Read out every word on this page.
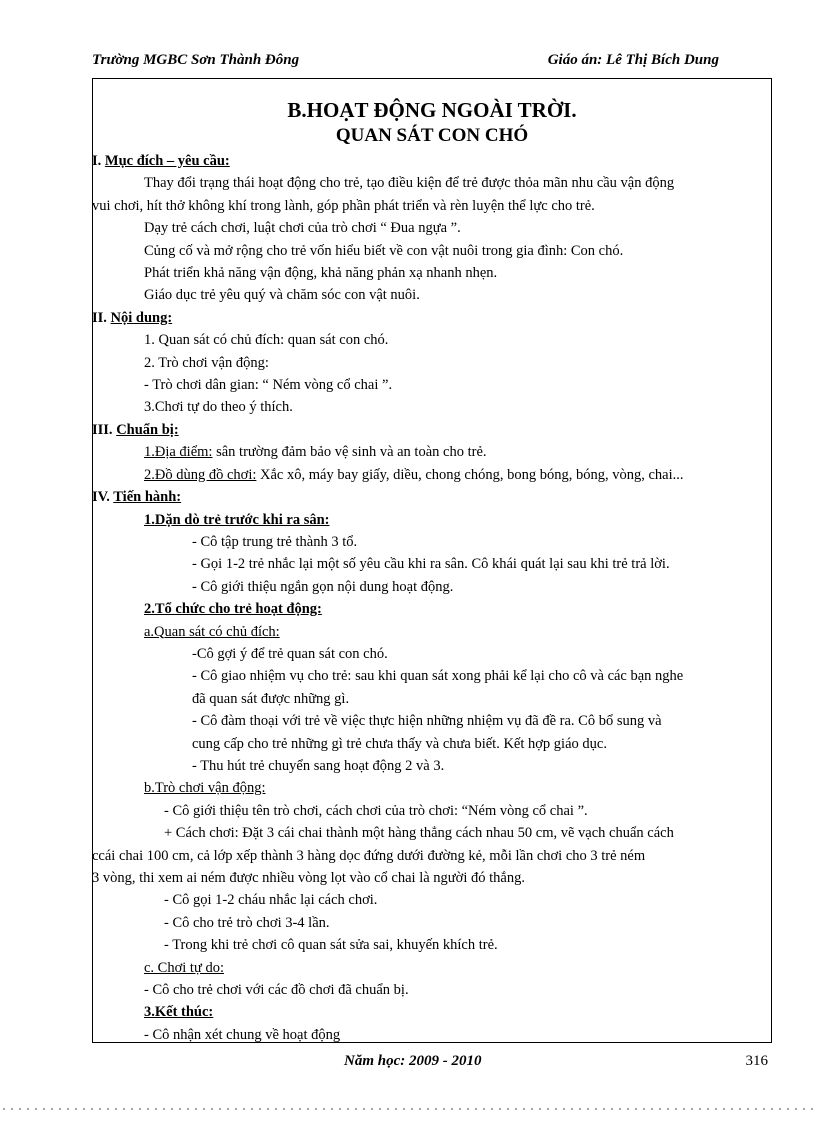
Trường MGBC Sơn Thành Đông	Giáo án: Lê Thị Bích Dung
B.HOẠT ĐỘNG NGOÀI TRỜI.
QUAN SÁT CON CHÓ

I. Mục đích – yêu cầu:

Thay đổi trạng thái hoạt động cho trẻ, tạo điều kiện để trẻ được thỏa mãn nhu cầu vận động

vui chơi, hít thở không khí trong lành, góp phần phát triển và rèn luyện thể lực cho trẻ.

Dạy trẻ cách chơi, luật chơi của trò chơi “ Đua ngựa ”.

Củng cố và mở rộng cho trẻ vốn hiểu biết về con vật nuôi trong gia đình: Con chó.

Phát triển khả năng vận động, khả năng phản xạ nhanh nhẹn.

Giáo dục trẻ yêu quý và chăm sóc con vật nuôi.

II. Nội dung:

1. Quan sát có chủ đích: quan sát con chó.

2. Trò chơi vận động:

- Trò chơi dân gian: “ Ném vòng cổ chai ”.

3.Chơi tự do theo ý thích.

III. Chuẩn bị:

1.Địa điểm: sân trường đảm bảo vệ sinh và an toàn cho trẻ.

2.Đồ dùng đồ chơi: Xắc xô, máy bay giấy, diều, chong chóng, bong bóng, bóng, vòng, chai...

IV. Tiến hành:

1.Dặn dò trẻ trước khi ra sân:

- Cô tập trung trẻ thành 3 tổ.

- Gọi 1-2 trẻ nhắc lại một số yêu cầu khi ra sân. Cô khái quát lại sau khi trẻ trả lời.

- Cô giới thiệu ngắn gọn nội dung hoạt động.

2.Tổ chức cho trẻ hoạt động:

a.Quan sát có chủ đích:

-Cô gợi ý để trẻ quan sát con chó.

- Cô giao nhiệm vụ cho trẻ: sau khi quan sát xong phải kể lại cho cô và các bạn nghe

đã quan sát được những gì.

- Cô đàm thoại với trẻ về việc thực hiện những nhiệm vụ đã đề ra. Cô bổ sung và

cung cấp cho trẻ những gì trẻ chưa thấy và chưa biết. Kết hợp giáo dục.

- Thu hút trẻ chuyển sang hoạt động 2 và 3.

b.Trò chơi vận động:

- Cô giới thiệu tên trò chơi, cách chơi của trò chơi: “Ném vòng cổ chai ”.

+ Cách chơi: Đặt 3 cái chai thành một hàng thẳng cách nhau 50 cm, vẽ vạch chuẩn cách

ccái chai 100 cm, cả lớp xếp thành 3 hàng dọc đứng dưới đường kẻ, mỗi lần chơi cho 3 trẻ ném

3 vòng, thi xem ai ném được nhiều vòng lọt vào cổ chai là người đó thắng.

- Cô gọi 1-2 cháu nhắc lại cách chơi.

- Cô cho trẻ trò chơi 3-4 lần.

- Trong khi trẻ chơi cô quan sát sửa sai, khuyến khích trẻ.

c. Chơi tự do:

- Cô cho trẻ chơi với các đồ chơi đã chuẩn bị.

3.Kết thúc:

- Cô nhận xét chung về hoạt động

Năm học: 2009 - 2010	316
